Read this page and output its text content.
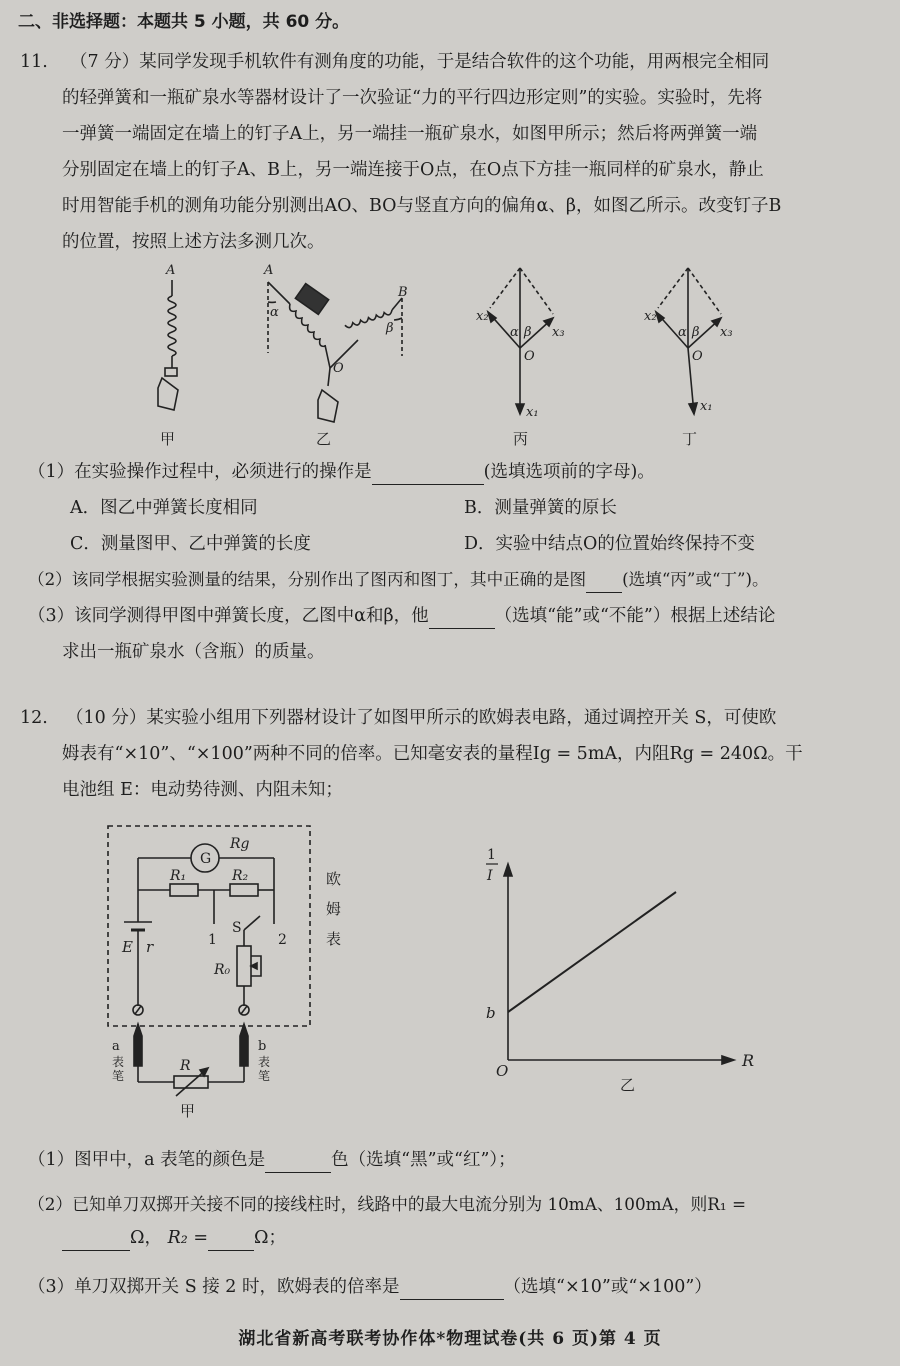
二、非选择题：本题共 5 小题，共 60 分。
11. （7 分）某同学发现手机软件有测角度的功能，于是结合软件的这个功能，用两根完全相同
的轻弹簧和一瓶矿泉水等器材设计了一次验证“力的平行四边形定则”的实验。实验时，先将
一弹簧一端固定在墙上的钉子A上，另一端挂一瓶矿泉水，如图甲所示；然后将两弹簧一端
分别固定在墙上的钉子A、B上，另一端连接于O点，在O点下方挂一瓶同样的矿泉水，静止
时用智能手机的测角功能分别测出AO、BO与竖直方向的偏角α、β，如图乙所示。改变钉子B
的位置，按照上述方法多测几次。
A	A
B
O
α
β
O
α β
x₂
x₃
x₁
O
α β
x₂
x₃
x₁
甲	乙	丙	丁
（1）在实验操作过程中，必须进行的操作是	(选填选项前的字母)。
A．图乙中弹簧长度相同	B．测量弹簧的原长
C．测量图甲、乙中弹簧的长度	D．实验中结点O的位置始终保持不变
（2）该同学根据实验测量的结果，分别作出了图丙和图丁，其中正确的是图 (选填“丙”或“丁”)。
（3）该同学测得甲图中弹簧长度，乙图中α和β，他	（选填“能”或“不能”）根据上述结论
求出一瓶矿泉水（含瓶）的质量。
12. （10 分）某实验小组用下列器材设计了如图甲所示的欧姆表电路，通过调控开关 S，可使欧
姆表有“×10”、“×100”两种不同的倍率。已知毫安表的量程Ig = 5mA，内阻Rg = 240Ω。干
电池组 E：电动势待测、内阻未知；
G
Rg
R₁	R₂
E r
S
1	2
R₀
R
欧
姆
表
a
表
笔
b
表
笔
甲
1
I
b
O
R
乙
（1）图甲中，a 表笔的颜色是	色（选填“黑”或“红”）；
（2）已知单刀双掷开关接不同的接线柱时，线路中的最大电流分别为 10mA、100mA，则R₁ =
Ω， R₂ =	Ω；
（3）单刀双掷开关 S 接 2 时，欧姆表的倍率是	（选填“×10”或“×100”）
湖北省新高考联考协作体*物理试卷(共 6 页)第 4 页
